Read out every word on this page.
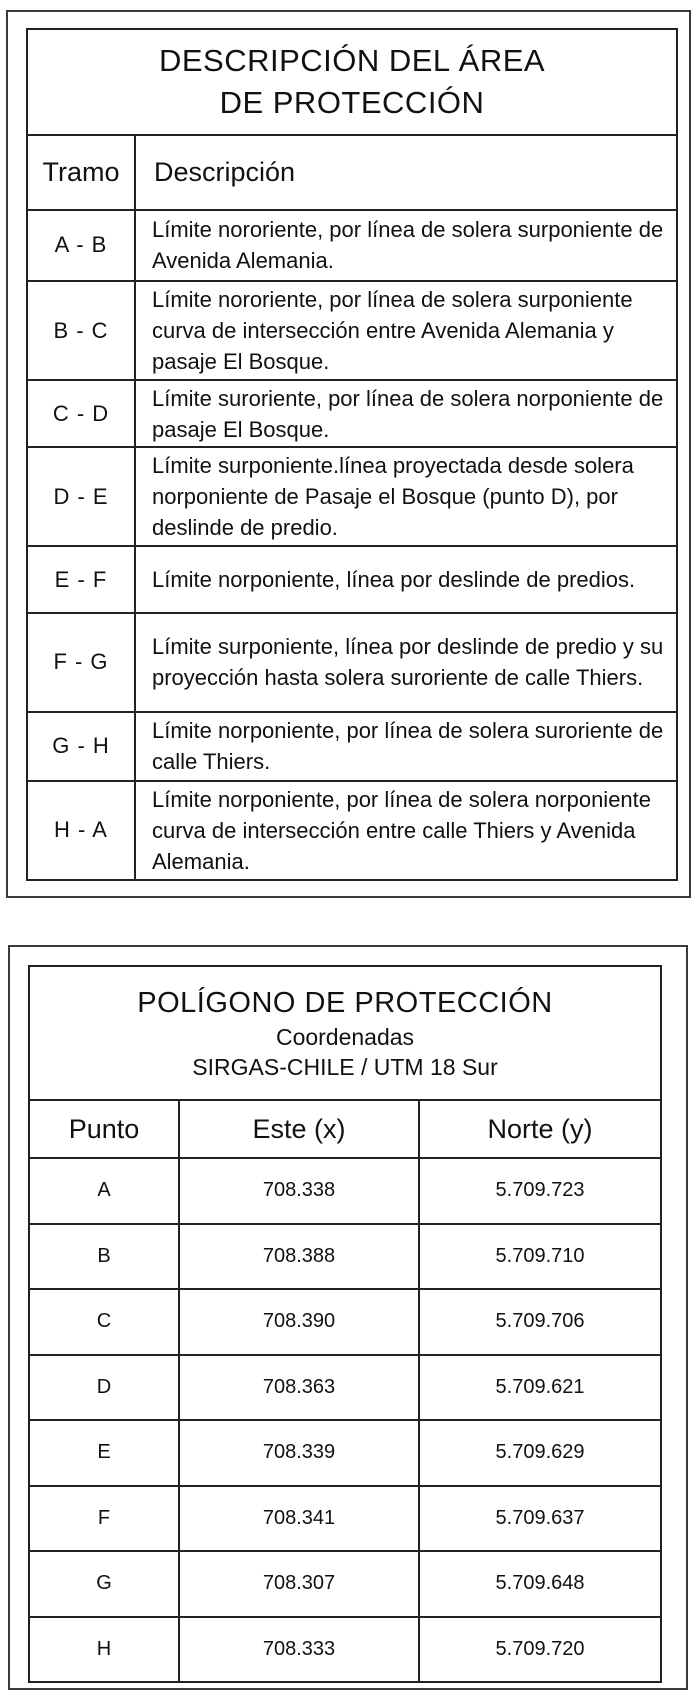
DESCRIPCIÓN DEL ÁREA
DE PROTECCIÓN	
Tramo	Descripción
A - B	Límite nororiente, por línea de solera surponiente de Avenida Alemania.
B - C	Límite nororiente, por línea de solera surponiente curva de intersección entre Avenida Alemania y pasaje El Bosque.
C - D	Límite suroriente, por línea de solera norponiente de pasaje El Bosque.
D - E	Límite surponiente.línea proyectada desde solera norponiente de Pasaje el Bosque (punto D), por deslinde de predio.
E - F	Límite norponiente, línea por deslinde de predios.
F - G	Límite surponiente, línea por deslinde de predio y su proyección hasta solera suroriente de calle Thiers.
G - H	Límite norponiente, por línea de solera suroriente de calle Thiers.
H - A	Límite norponiente, por línea de solera norponiente curva de intersección entre calle Thiers y Avenida Alemania.
POLÍGONO DE PROTECCIÓN
Coordenadas
SIRGAS-CHILE / UTM 18 Sur		

Punto	Este (x)	Norte (y)
A	708.338	5.709.723
B	708.388	5.709.710
C	708.390	5.709.706
D	708.363	5.709.621
E	708.339	5.709.629
F	708.341	5.709.637
G	708.307	5.709.648
H	708.333	5.709.720
